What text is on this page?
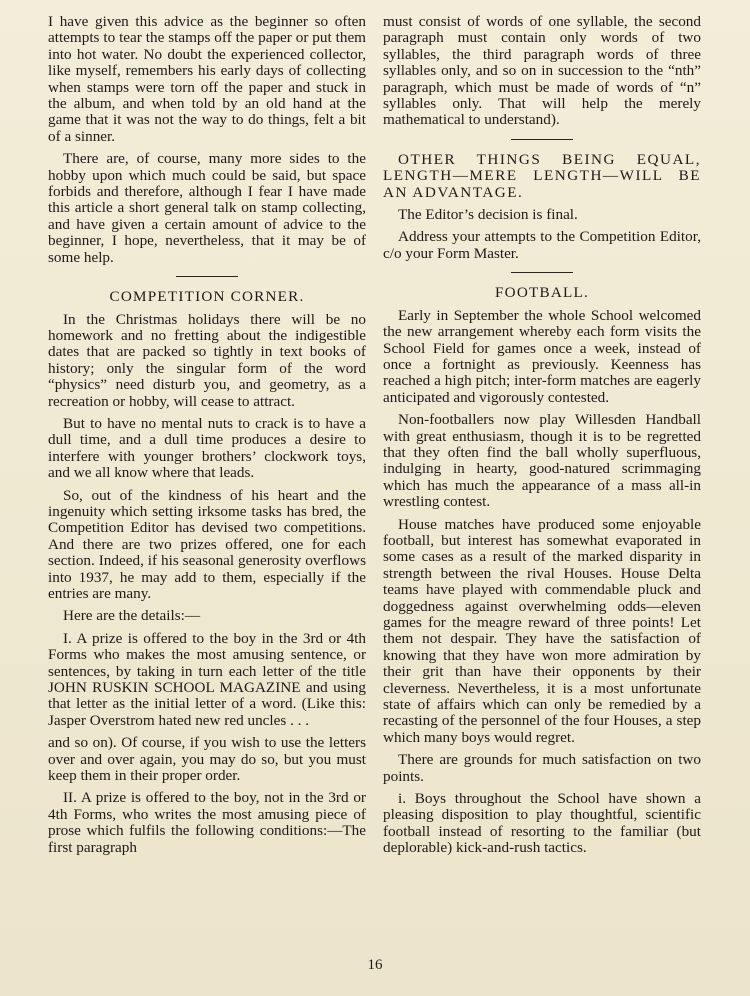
I have given this advice as the beginner so often attempts to tear the stamps off the paper or put them into hot water. No doubt the experienced collector, like myself, remembers his early days of collecting when stamps were torn off the paper and stuck in the album, and when told by an old hand at the game that it was not the way to do things, felt a bit of a sinner.

There are, of course, many more sides to the hobby upon which much could be said, but space forbids and therefore, although I fear I have made this article a short general talk on stamp collecting, and have given a certain amount of advice to the beginner, I hope, nevertheless, that it may be of some help.

COMPETITION CORNER.

In the Christmas holidays there will be no homework and no fretting about the indigestible dates that are packed so tightly in text books of history; only the singular form of the word “physics” need disturb you, and geometry, as a recreation or hobby, will cease to attract.

But to have no mental nuts to crack is to have a dull time, and a dull time produces a desire to interfere with younger brothers’ clockwork toys, and we all know where that leads.

So, out of the kindness of his heart and the ingenuity which setting irksome tasks has bred, the Competition Editor has devised two competitions. And there are two prizes offered, one for each section. Indeed, if his seasonal generosity overflows into 1937, he may add to them, especially if the entries are many.

Here are the details:—

I. A prize is offered to the boy in the 3rd or 4th Forms who makes the most amusing sentence, or sentences, by taking in turn each letter of the title JOHN RUSKIN SCHOOL MAGAZINE and using that letter as the initial letter of a word. (Like this: Jasper Overstrom hated new red uncles . . .

and so on). Of course, if you wish to use the letters over and over again, you may do so, but you must keep them in their proper order.

II. A prize is offered to the boy, not in the 3rd or 4th Forms, who writes the most amusing piece of prose which fulfils the following conditions:—The first paragraph

must consist of words of one syllable, the second paragraph must contain only words of two syllables, the third paragraph words of three syllables only, and so on in succession to the “nth” paragraph, which must be made of words of “n” syllables only. That will help the merely mathematical to understand).

OTHER THINGS BEING EQUAL, LENGTH—MERE LENGTH—WILL BE AN ADVANTAGE.

The Editor’s decision is final.

Address your attempts to the Competition Editor, c/o your Form Master.

FOOTBALL.

Early in September the whole School welcomed the new arrangement whereby each form visits the School Field for games once a week, instead of once a fortnight as previously. Keenness has reached a high pitch; inter-form matches are eagerly anticipated and vigorously contested.

Non-footballers now play Willesden Handball with great enthusiasm, though it is to be regretted that they often find the ball wholly superfluous, indulging in hearty, good-natured scrimmaging which has much the appearance of a mass all-in wrestling contest.

House matches have produced some enjoyable football, but interest has somewhat evaporated in some cases as a result of the marked disparity in strength between the rival Houses. House Delta teams have played with commendable pluck and doggedness against overwhelming odds—eleven games for the meagre reward of three points! Let them not despair. They have the satisfaction of knowing that they have won more admiration by their grit than have their opponents by their cleverness. Nevertheless, it is a most unfortunate state of affairs which can only be remedied by a recasting of the personnel of the four Houses, a step which many boys would regret.

There are grounds for much satisfaction on two points.

i. Boys throughout the School have shown a pleasing disposition to play thoughtful, scientific football instead of resorting to the familiar (but deplorable) kick-and-rush tactics.

16
